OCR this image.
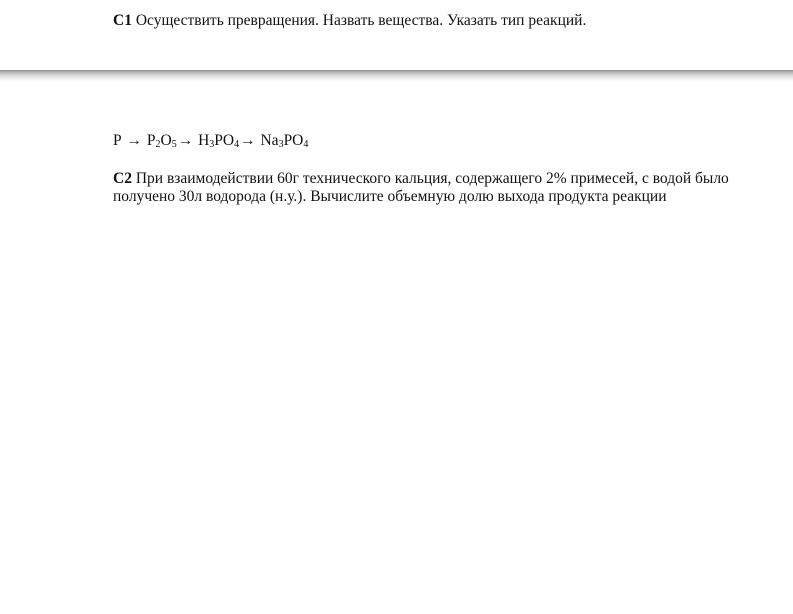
C1 Осуществить превращения. Назвать вещества. Указать тип реакций.
$P \to P_2O_5\to H_3PO_4\to Na_3PO_4$
C2 При взаимодействии 60г технического кальция, содержащего 2% примесей, с водой было
получено 30л водорода (н.у.). Вычислите объемную долю выхода продукта реакции
